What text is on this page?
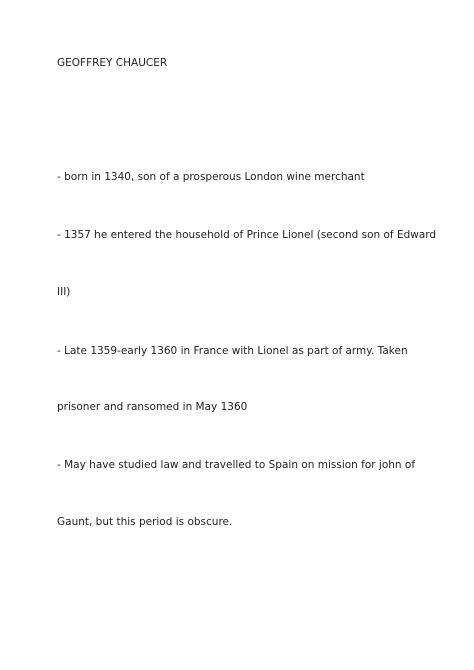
GEOFFREY CHAUCER

- born in 1340, son of a prosperous London wine merchant

- 1357 he entered the household of Prince Lionel (second son of Edward

III)

- Late 1359-early 1360 in France with Lionel as part of army. Taken

prisoner and ransomed in May 1360

- May have studied law and travelled to Spain on mission for john of

Gaunt, but this period is obscure.
